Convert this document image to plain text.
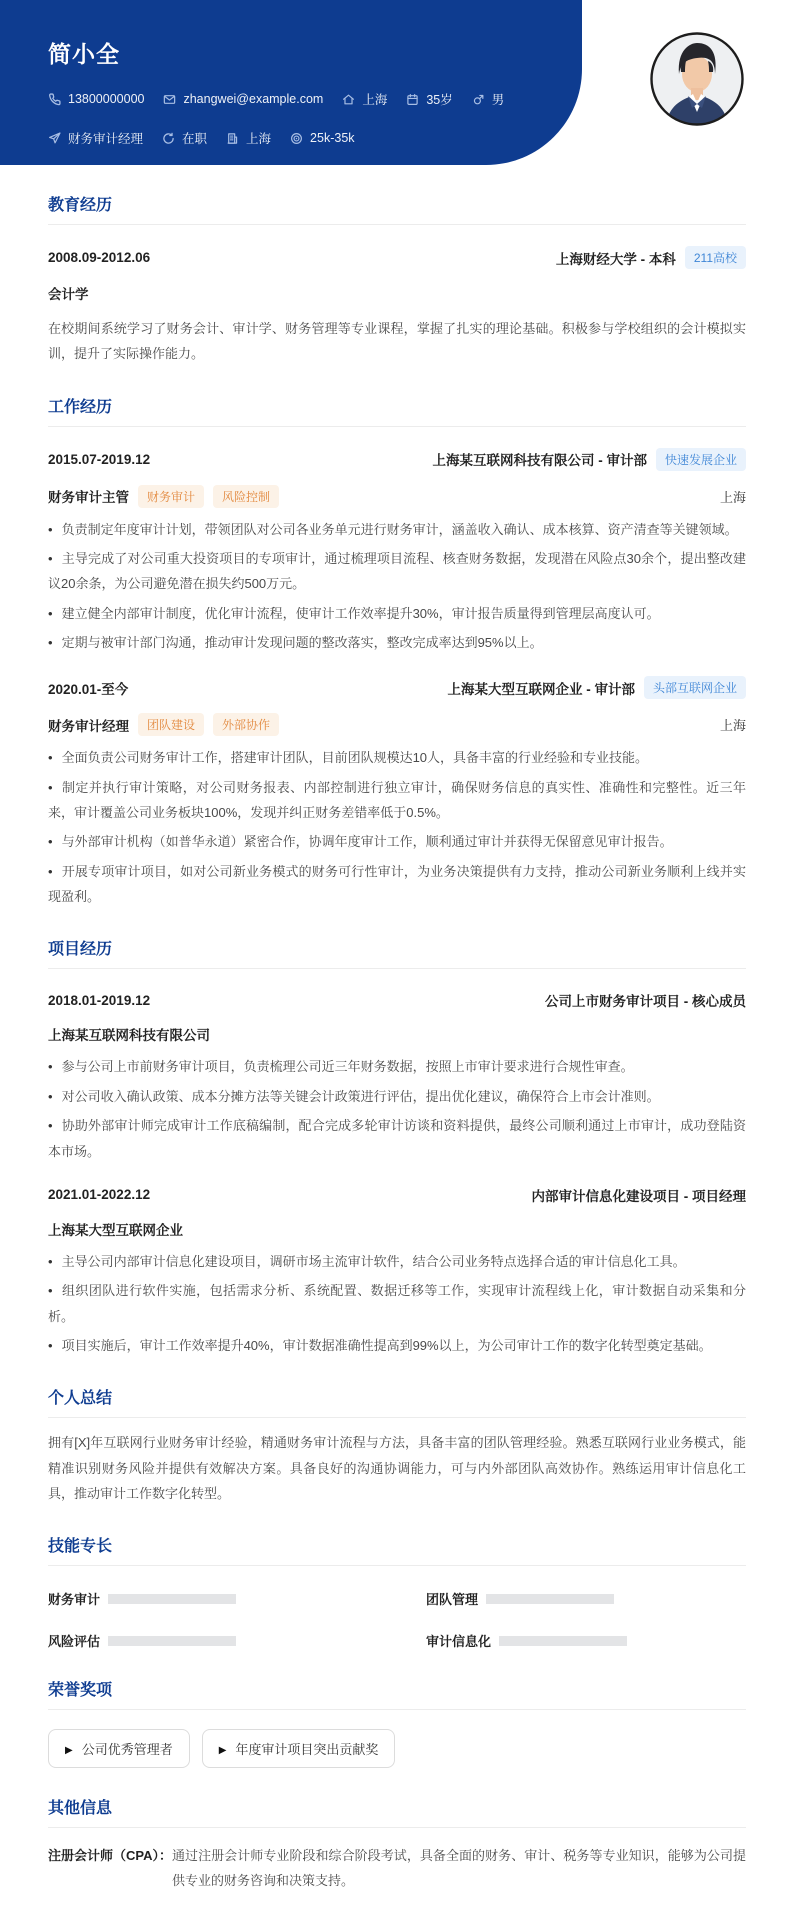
简小全
13800000000	zhangwei@example.com	上海	35岁	男
财务审计经理	在职	上海	25k-35k
教育经历
2008.09-2012.06	上海财经大学 - 本科	211高校
会计学
在校期间系统学习了财务会计、审计学、财务管理等专业课程，掌握了扎实的理论基础。积极参与学校组织的会计模拟实训，提升了实际操作能力。
工作经历
2015.07-2019.12	上海某互联网科技有限公司 - 审计部	快速发展企业
财务审计主管	财务审计	风险控制	上海
• 负责制定年度审计计划，带领团队对公司各业务单元进行财务审计，涵盖收入确认、成本核算、资产清查等关键领域。
• 主导完成了对公司重大投资项目的专项审计，通过梳理项目流程、核查财务数据，发现潜在风险点30余个，提出整改建议20余条，为公司避免潜在损失约500万元。
• 建立健全内部审计制度，优化审计流程，使审计工作效率提升30%，审计报告质量得到管理层高度认可。
• 定期与被审计部门沟通，推动审计发现问题的整改落实，整改完成率达到95%以上。
2020.01-至今	上海某大型互联网企业 - 审计部	头部互联网企业
财务审计经理	团队建设	外部协作	上海
• 全面负责公司财务审计工作，搭建审计团队，目前团队规模达10人，具备丰富的行业经验和专业技能。
• 制定并执行审计策略，对公司财务报表、内部控制进行独立审计，确保财务信息的真实性、准确性和完整性。近三年来，审计覆盖公司业务板块100%，发现并纠正财务差错率低于0.5%。
• 与外部审计机构（如普华永道）紧密合作，协调年度审计工作，顺利通过审计并获得无保留意见审计报告。
• 开展专项审计项目，如对公司新业务模式的财务可行性审计，为业务决策提供有力支持，推动公司新业务顺利上线并实现盈利。
项目经历
2018.01-2019.12	公司上市财务审计项目 - 核心成员
上海某互联网科技有限公司
• 参与公司上市前财务审计项目，负责梳理公司近三年财务数据，按照上市审计要求进行合规性审查。
• 对公司收入确认政策、成本分摊方法等关键会计政策进行评估，提出优化建议，确保符合上市会计准则。
• 协助外部审计师完成审计工作底稿编制，配合完成多轮审计访谈和资料提供，最终公司顺利通过上市审计，成功登陆资本市场。
2021.01-2022.12	内部审计信息化建设项目 - 项目经理
上海某大型互联网企业
• 主导公司内部审计信息化建设项目，调研市场主流审计软件，结合公司业务特点选择合适的审计信息化工具。
• 组织团队进行软件实施，包括需求分析、系统配置、数据迁移等工作，实现审计流程线上化，审计数据自动采集和分析。
• 项目实施后，审计工作效率提升40%，审计数据准确性提高到99%以上，为公司审计工作的数字化转型奠定基础。
个人总结
拥有[X]年互联网行业财务审计经验，精通财务审计流程与方法，具备丰富的团队管理经验。熟悉互联网行业业务模式，能精准识别财务风险并提供有效解决方案。具备良好的沟通协调能力，可与内外部团队高效协作。熟练运用审计信息化工具，推动审计工作数字化转型。
技能专长
财务审计	团队管理
风险评估	审计信息化
荣誉奖项
▶
公司优秀管理者 ▶	年度审计项目突出贡献奖
其他信息
注册会计师（CPA）： 通过注册会计师专业阶段和综合阶段考试，具备全面的财务、审计、税务等专业知识，能够为公司提供专业的财务咨询和决策支持。
